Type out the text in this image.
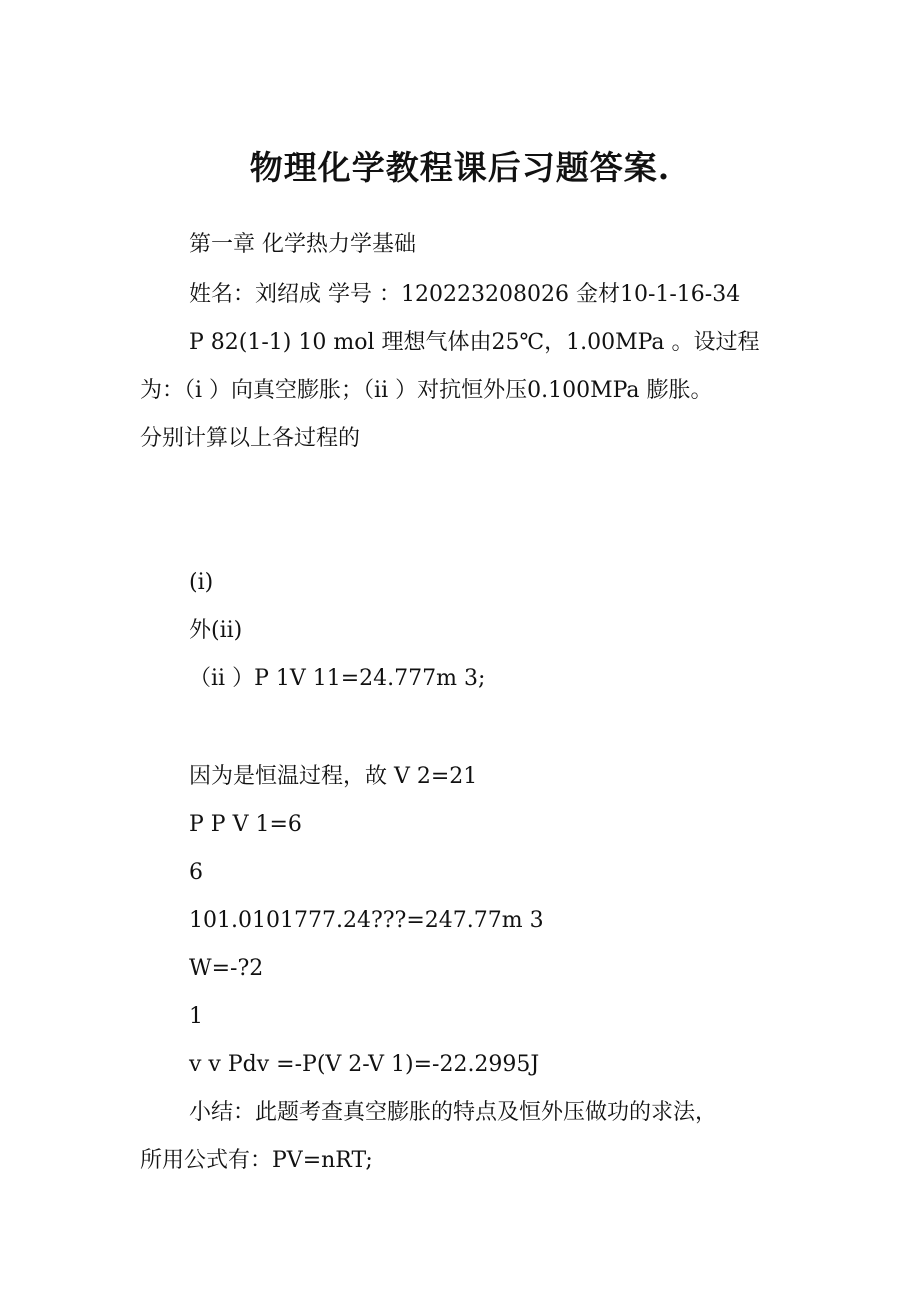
物理化学教程课后习题答案.

第一章 化学热力学基础

姓名：刘绍成 学号 ：120223208026 金材10-1-16-34

P 82(1-1) 10 mol 理想气体由25℃，1.00MPa 。设过程

为：（i ）向真空膨胀；（ii ）对抗恒外压0.100MPa 膨胀。

分别计算以上各过程的

(i)

外(ii)

（ii ）P 1V 11=24.777m 3;

因为是恒温过程，故 V 2=21

P P V 1=6

6

101.0101777.24???=247.77m 3

W=-?2

1

v v Pdv =-P(V 2-V 1)=-22.2995J

小结：此题考查真空膨胀的特点及恒外压做功的求法，

所用公式有：PV=nRT;
